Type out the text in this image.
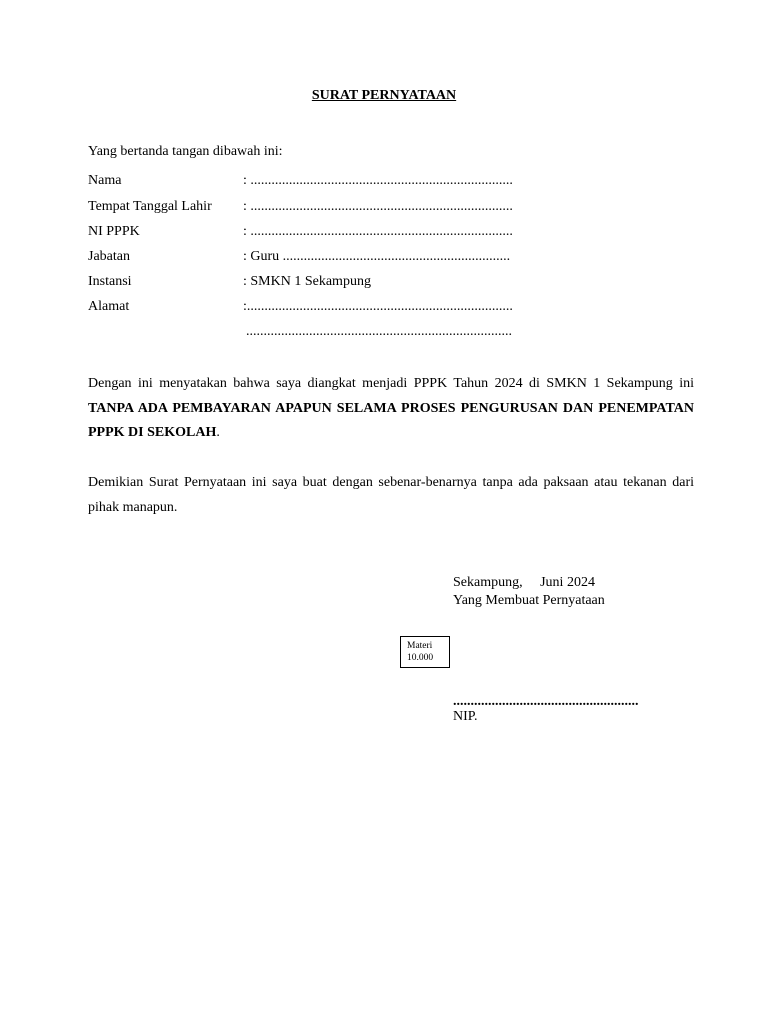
SURAT PERNYATAAN
Yang bertanda tangan dibawah ini:
Nama	: ...........................................................................
Tempat Tanggal Lahir : ...........................................................................
NI PPPK	: ...........................................................................
Jabatan	: Guru .................................................................
Instansi	: SMKN 1 Sekampung
Alamat	:............................................................................
............................................................................
Dengan ini menyatakan bahwa saya diangkat menjadi PPPK Tahun 2024 di SMKN 1 Sekampung ini TANPA ADA PEMBAYARAN APAPUN SELAMA PROSES PENGURUSAN DAN PENEMPATAN PPPK DI SEKOLAH.
Demikian Surat Pernyataan ini saya buat dengan sebenar-benarnya tanpa ada paksaan atau tekanan dari pihak manapun.
Sekampung,     Juni 2024
Yang Membuat Pernyataan
Materi
10.000
.....................................................
NIP.
